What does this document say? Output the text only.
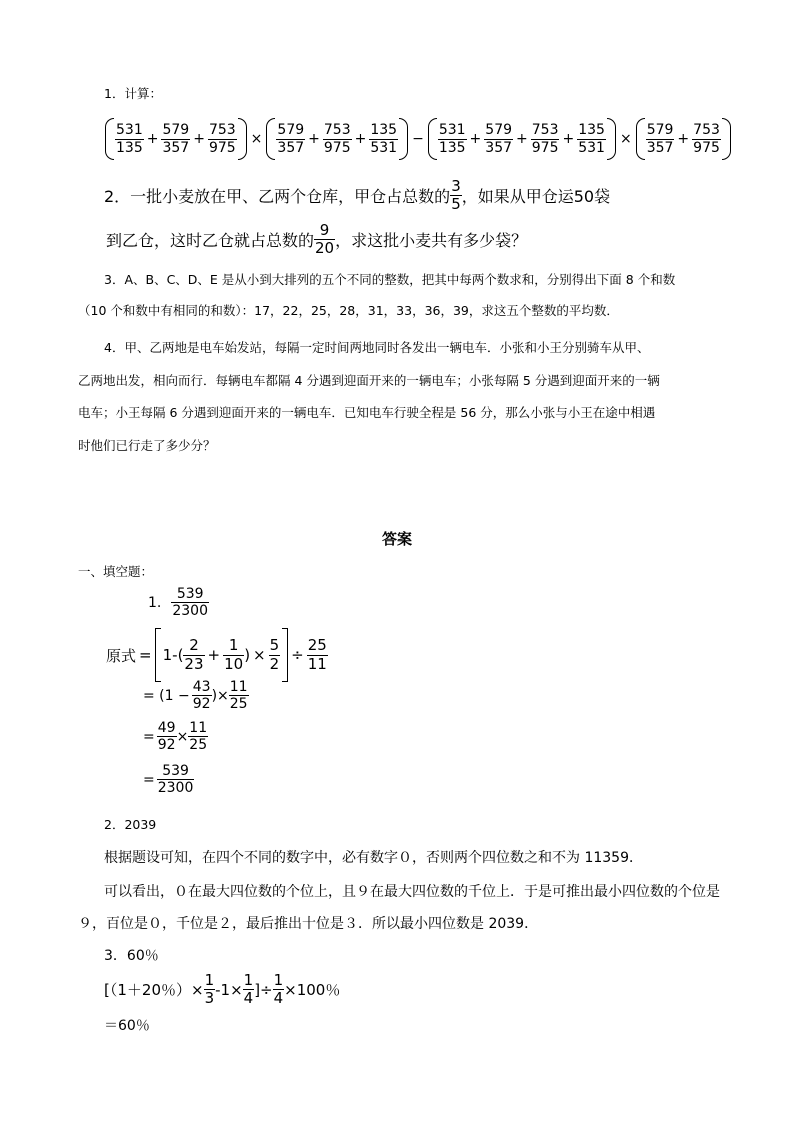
1．计算：
$\frac{531}{135} + \frac{579}{357} + \frac{753}{975} \times \frac{579}{357} + \frac{753}{975} + \frac{135}{531} - \frac{531}{135} + \frac{579}{357} + \frac{753}{975} + \frac{135}{531} \times \frac{579}{357} + \frac{753}{975}$
2．一批小麦放在甲、乙两个仓库，甲仓占总数的 $\frac{3}{5}$ ，如果从甲仓运50袋
到乙仓，这时乙仓就占总数的 $\frac{9}{20}$ ，求这批小麦共有多少袋？
3．A、B、C、D、E 是从小到大排列的五个不同的整数，把其中每两个数求和，分别得出下面 8 个和数
（10 个和数中有相同的和数）：17，22，25，28，31，33，36，39，求这五个整数的平均数．
4．甲、乙两地是电车始发站，每隔一定时间两地同时各发出一辆电车．小张和小王分别骑车从甲、
乙两地出发，相向而行．每辆电车都隔 4 分遇到迎面开来的一辆电车；小张每隔 5 分遇到迎面开来的一辆
电车；小王每隔 6 分遇到迎面开来的一辆电车．已知电车行驶全程是 56 分，那么小张与小王在途中相遇
时他们已行走了多少分？
答案
一、填空题：
1. $\frac{539}{2300}$
原式 = 1 - ( $\frac{2}{23} + \frac{1}{10}$ ) × $\frac{5}{2} \div \frac{25}{11}$
= ($1 - \frac{43}{92}$ )× $\frac{11}{25}$
= $\frac{49}{92} \times \frac{11}{25}$
= $\frac{539}{2300}$
2．2039
根据题设可知，在四个不同的数字中，必有数字０，否则两个四位数之和不为 11359．
可以看出，０在最大四位数的个位上，且９在最大四位数的千位上．于是可推出最小四位数的个位是
９，百位是０，千位是２，最后推出十位是３．所以最小四位数是 2039．
3．60％
[（1＋20％）× $\frac{1}{3} -1\times \frac{1}{4}$ ]÷ $\frac{1}{4} \times 100$％
＝60％
